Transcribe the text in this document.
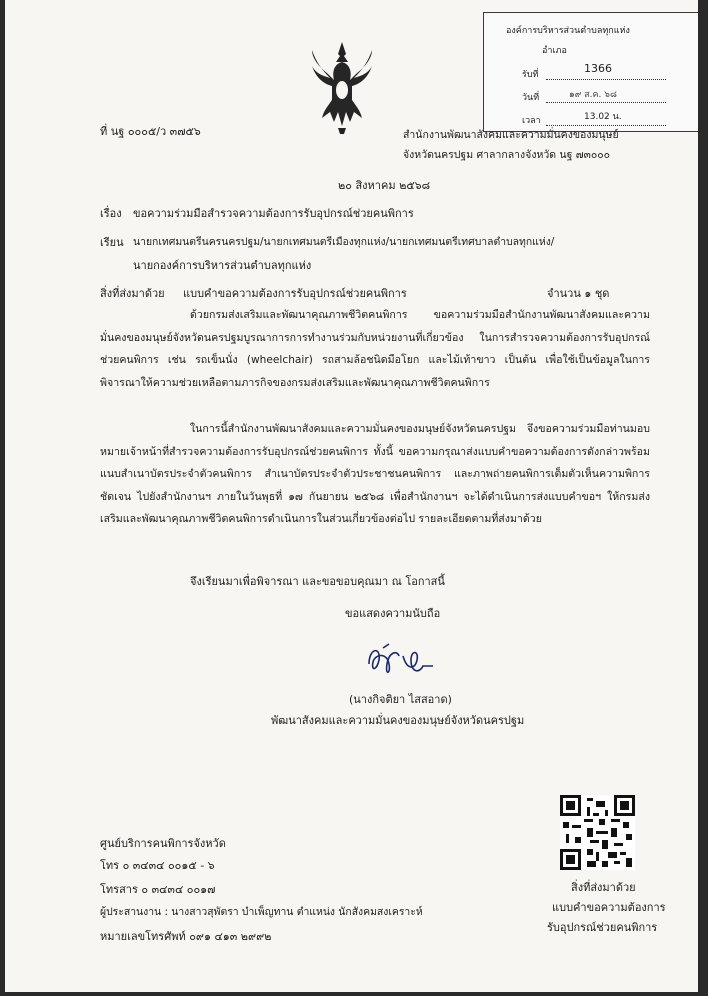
องค์การบริหารส่วนตำบลทุกแห่ง
อำเภอ
รับที่	1366
วันที่	๑๙ ส.ค. ๖๘
เวลา	13.02 น.
ที่ นฐ ๐๐๐๕/ว ๓๗๕๖	สำนักงานพัฒนาสังคมและความมั่นคงของมนุษย์
จังหวัดนครปฐม ศาลากลางจังหวัด นฐ ๗๓๐๐๐
๒๐ สิงหาคม ๒๕๖๘
เรื่อง ขอความร่วมมือสำรวจความต้องการรับอุปกรณ์ช่วยคนพิการ
เรียน นายกเทศมนตรีนครนครปฐม/นายกเทศมนตรีเมืองทุกแห่ง/นายกเทศมนตรีเทศบาลตำบลทุกแห่ง/
นายกองค์การบริหารส่วนตำบลทุกแห่ง
สิ่งที่ส่งมาด้วย แบบคำขอความต้องการรับอุปกรณ์ช่วยคนพิการ	จำนวน ๑ ชุด
ด้วยกรมส่งเสริมและพัฒนาคุณภาพชีวิตคนพิการ ขอความร่วมมือสำนักงานพัฒนาสังคมและความมั่นคงของมนุษย์จังหวัดนครปฐมบูรณาการการทำงานร่วมกับหน่วยงานที่เกี่ยวข้อง ในการสำรวจความต้องการรับอุปกรณ์ช่วยคนพิการ เช่น รถเข็นนั่ง (wheelchair) รถสามล้อชนิดมือโยก และไม้เท้าขาว เป็นต้น เพื่อใช้เป็นข้อมูลในการพิจารณาให้ความช่วยเหลือตามภารกิจของกรมส่งเสริมและพัฒนาคุณภาพชีวิตคนพิการ
ในการนี้สำนักงานพัฒนาสังคมและความมั่นคงของมนุษย์จังหวัดนครปฐม จึงขอความร่วมมือท่านมอบหมายเจ้าหน้าที่สำรวจความต้องการรับอุปกรณ์ช่วยคนพิการ ทั้งนี้ ขอความกรุณาส่งแบบคำขอความต้องการดังกล่าวพร้อมแนบสำเนาบัตรประจำตัวคนพิการ สำเนาบัตรประจำตัวประชาชนคนพิการ และภาพถ่ายคนพิการเต็มตัวเห็นความพิการชัดเจน ไปยังสำนักงานฯ ภายในวันพุธที่ ๑๗ กันยายน ๒๕๖๘ เพื่อสำนักงานฯ จะได้ดำเนินการส่งแบบคำขอฯ ให้กรมส่งเสริมและพัฒนาคุณภาพชีวิตคนพิการดำเนินการในส่วนเกี่ยวข้องต่อไป รายละเอียดตามที่ส่งมาด้วย
จึงเรียนมาเพื่อพิจารณา และขอขอบคุณมา ณ โอกาสนี้
ขอแสดงความนับถือ
(นางกิจติยา ไสสอาด)
พัฒนาสังคมและความมั่นคงของมนุษย์จังหวัดนครปฐม
ศูนย์บริการคนพิการจังหวัด
โทร ๐ ๓๔๓๔ ๐๐๑๕ - ๖
โทรสาร ๐ ๓๔๓๔ ๐๐๑๗
ผู้ประสานงาน : นางสาวสุพัตรา บำเพ็ญทาน ตำแหน่ง นักสังคมสงเคราะห์
หมายเลขโทรศัพท์ ๐๙๑ ๔๑๓ ๒๙๙๒
สิ่งที่ส่งมาด้วย
แบบคำขอความต้องการ
รับอุปกรณ์ช่วยคนพิการ
